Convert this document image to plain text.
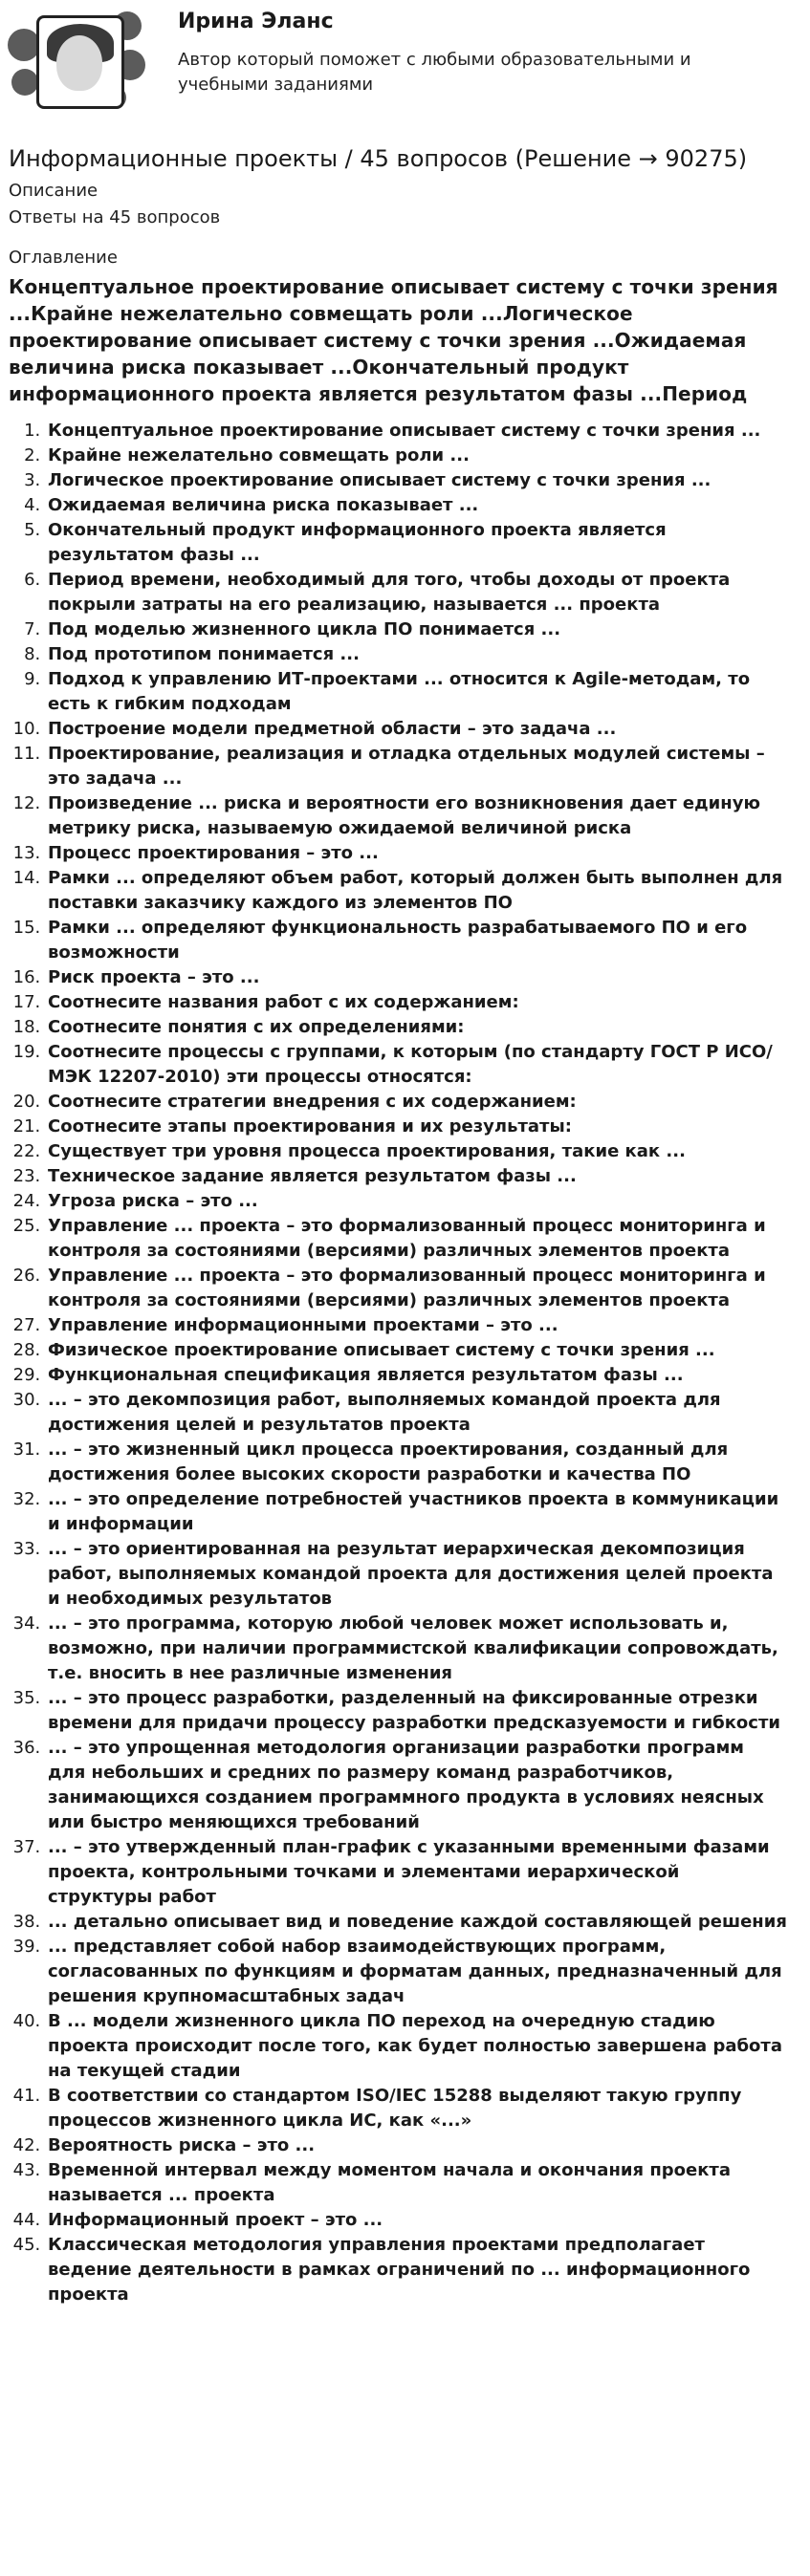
Ирина Эланс
Автор который поможет с любыми образовательными и учебными заданиями
Информационные проекты / 45 вопросов (Решение → 90275)
Описание
Ответы на 45 вопросов
Оглавление
Концептуальное проектирование описывает систему с точки зрения ...Крайне нежелательно совмещать роли ...Логическое проектирование описывает систему с точки зрения ...Ожидаемая величина риска показывает ...Окончательный продукт информационного проекта является результатом фазы ...Период
1. Концептуальное проектирование описывает систему с точки зрения ...
2. Крайне нежелательно совмещать роли ...
3. Логическое проектирование описывает систему с точки зрения ...
4. Ожидаемая величина риска показывает ...
5. Окончательный продукт информационного проекта является результатом фазы ...
6. Период времени, необходимый для того, чтобы доходы от проекта покрыли затраты на его реализацию, называется ... проекта
7. Под моделью жизненного цикла ПО понимается ...
8. Под прототипом понимается ...
9. Подход к управлению ИТ-проектами ... относится к Agile-методам, то есть к гибким подходам
10. Построение модели предметной области – это задача ...
11. Проектирование, реализация и отладка отдельных модулей системы – это задача ...
12. Произведение ... риска и вероятности его возникновения дает единую метрику риска, называемую ожидаемой величиной риска
13. Процесс проектирования – это ...
14. Рамки ... определяют объем работ, который должен быть выполнен для поставки заказчику каждого из элементов ПО
15. Рамки ... определяют функциональность разрабатываемого ПО и его возможности
16. Риск проекта – это ...
17. Соотнесите названия работ с их содержанием:
18. Соотнесите понятия с их определениями:
19. Соотнесите процессы с группами, к которым (по стандарту ГОСТ Р ИСО/МЭК 12207-2010) эти процессы относятся:
20. Соотнесите стратегии внедрения с их содержанием:
21. Соотнесите этапы проектирования и их результаты:
22. Существует три уровня процесса проектирования, такие как ...
23. Техническое задание является результатом фазы ...
24. Угроза риска – это ...
25. Управление ... проекта – это формализованный процесс мониторинга и контроля за состояниями (версиями) различных элементов проекта
26. Управление ... проекта – это формализованный процесс мониторинга и контроля за состояниями (версиями) различных элементов проекта
27. Управление информационными проектами – это ...
28. Физическое проектирование описывает систему с точки зрения ...
29. Функциональная спецификация является результатом фазы ...
30. ... – это декомпозиция работ, выполняемых командой проекта для достижения целей и результатов проекта
31. ... – это жизненный цикл процесса проектирования, созданный для достижения более высоких скорости разработки и качества ПО
32. ... – это определение потребностей участников проекта в коммуникации и информации
33. ... – это ориентированная на результат иерархическая декомпозиция работ, выполняемых командой проекта для достижения целей проекта и необходимых результатов
34. ... – это программа, которую любой человек может использовать и, возможно, при наличии программистской квалификации сопровождать, т.е. вносить в нее различные изменения
35. ... – это процесс разработки, разделенный на фиксированные отрезки времени для придачи процессу разработки предсказуемости и гибкости
36. ... – это упрощенная методология организации разработки программ для небольших и средних по размеру команд разработчиков, занимающихся созданием программного продукта в условиях неясных или быстро меняющихся требований
37. ... – это утвержденный план-график с указанными временными фазами проекта, контрольными точками и элементами иерархической структуры работ
38. ... детально описывает вид и поведение каждой составляющей решения
39. ... представляет собой набор взаимодействующих программ, согласованных по функциям и форматам данных, предназначенный для решения крупномасштабных задач
40. В ... модели жизненного цикла ПО переход на очередную стадию проекта происходит после того, как будет полностью завершена работа на текущей стадии
41. В соответствии со стандартом ISO/IEC 15288 выделяют такую группу процессов жизненного цикла ИС, как «...»
42. Вероятность риска – это ...
43. Временной интервал между моментом начала и окончания проекта называется ... проекта
44. Информационный проект – это ...
45. Классическая методология управления проектами предполагает ведение деятельности в рамках ограничений по ... информационного проекта
